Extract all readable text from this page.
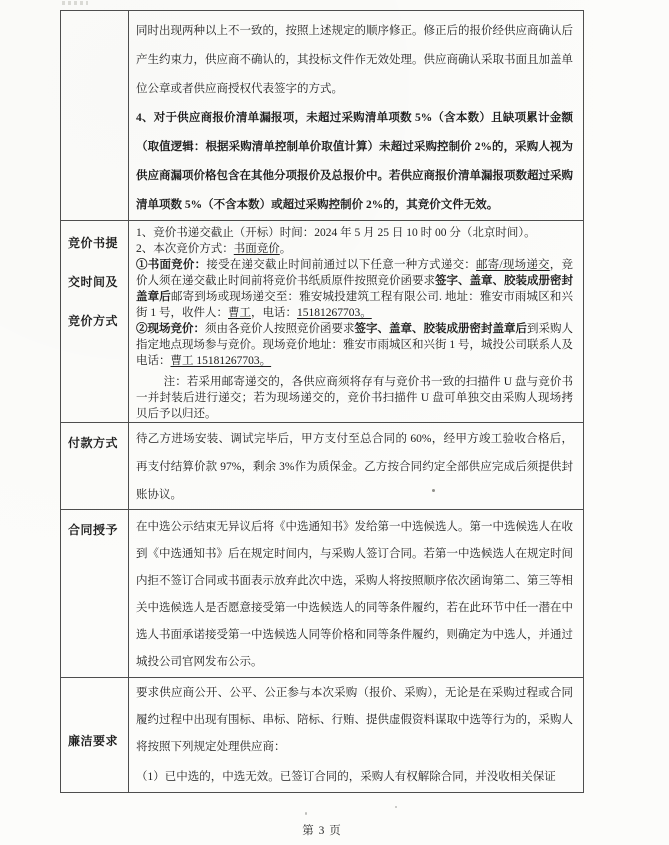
同时出现两种以上不一致的，按照上述规定的顺序修正。修正后的报价经供应商确认后产生约束力，供应商不确认的，其投标文件作无效处理。供应商确认采取书面且加盖单位公章或者供应商授权代表签字的方式。

4、对于供应商报价清单漏报项，未超过采购清单项数 5%（含本数）且缺项累计金额（取值逻辑：根据采购清单控制单价取值计算）未超过采购控制价 2%的，采购人视为供应商漏项价格包含在其他分项报价及总报价中。若供应商报价清单漏报项数超过采购清单项数 5%（不含本数）或超过采购控制价 2%的，其竞价文件无效。

竞价书提交时间及竞价方式

1、竞价书递交截止（开标）时间：2024 年 5 月 25 日 10 时 00 分（北京时间）。

2、本次竞价方式：书面竞价。

①书面竞价：接受在递交截止时间前通过以下任意一种方式递交：邮寄/现场递交，竞价人须在递交截止时间前将竞价书纸质原件按照竞价函要求签字、盖章、胶装成册密封盖章后邮寄到场或现场递交至：雅安城投建筑工程有限公司. 地址：雅安市雨城区和兴街 1 号，收件人：曹工，电话：15181267703。

②现场竞价：须由各竞价人按照竞价函要求签字、盖章、胶装成册密封盖章后到采购人指定地点现场参与竞价。现场竞价地址：雅安市雨城区和兴街 1 号，城投公司联系人及电话：曹工 15181267703。

注：若采用邮寄递交的，各供应商须将存有与竞价书一致的扫描件 U 盘与竞价书一并封装后进行递交；若为现场递交的，竞价书扫描件 U 盘可单独交由采购人现场拷贝后予以归还。

付款方式	待乙方进场安装、调试完毕后，甲方支付至总合同的 60%，经甲方竣工验收合格后，再支付结算价款 97%，剩余 3%作为质保金。乙方按合同约定全部供应完成后须提供封账协议。

合同授予	在中选公示结束无异议后将《中选通知书》发给第一中选候选人。第一中选候选人在收到《中选通知书》后在规定时间内，与采购人签订合同。若第一中选候选人在规定时间内拒不签订合同或书面表示放弃此次中选，采购人将按照顺序依次函询第二、第三等相关中选候选人是否愿意接受第一中选候选人的同等条件履约，若在此环节中任一潜在中选人书面承诺接受第一中选候选人同等价格和同等条件履约，则确定为中选人，并通过城投公司官网发布公示。

廉洁要求

要求供应商公开、公平、公正参与本次采购（报价、采购），无论是在采购过程或合同履约过程中出现有围标、串标、陪标、行贿、提供虚假资料谋取中选等行为的，采购人将按照下列规定处理供应商：

（1）已中选的，中选无效。已签订合同的，采购人有权解除合同，并没收相关保证

第 3 页
